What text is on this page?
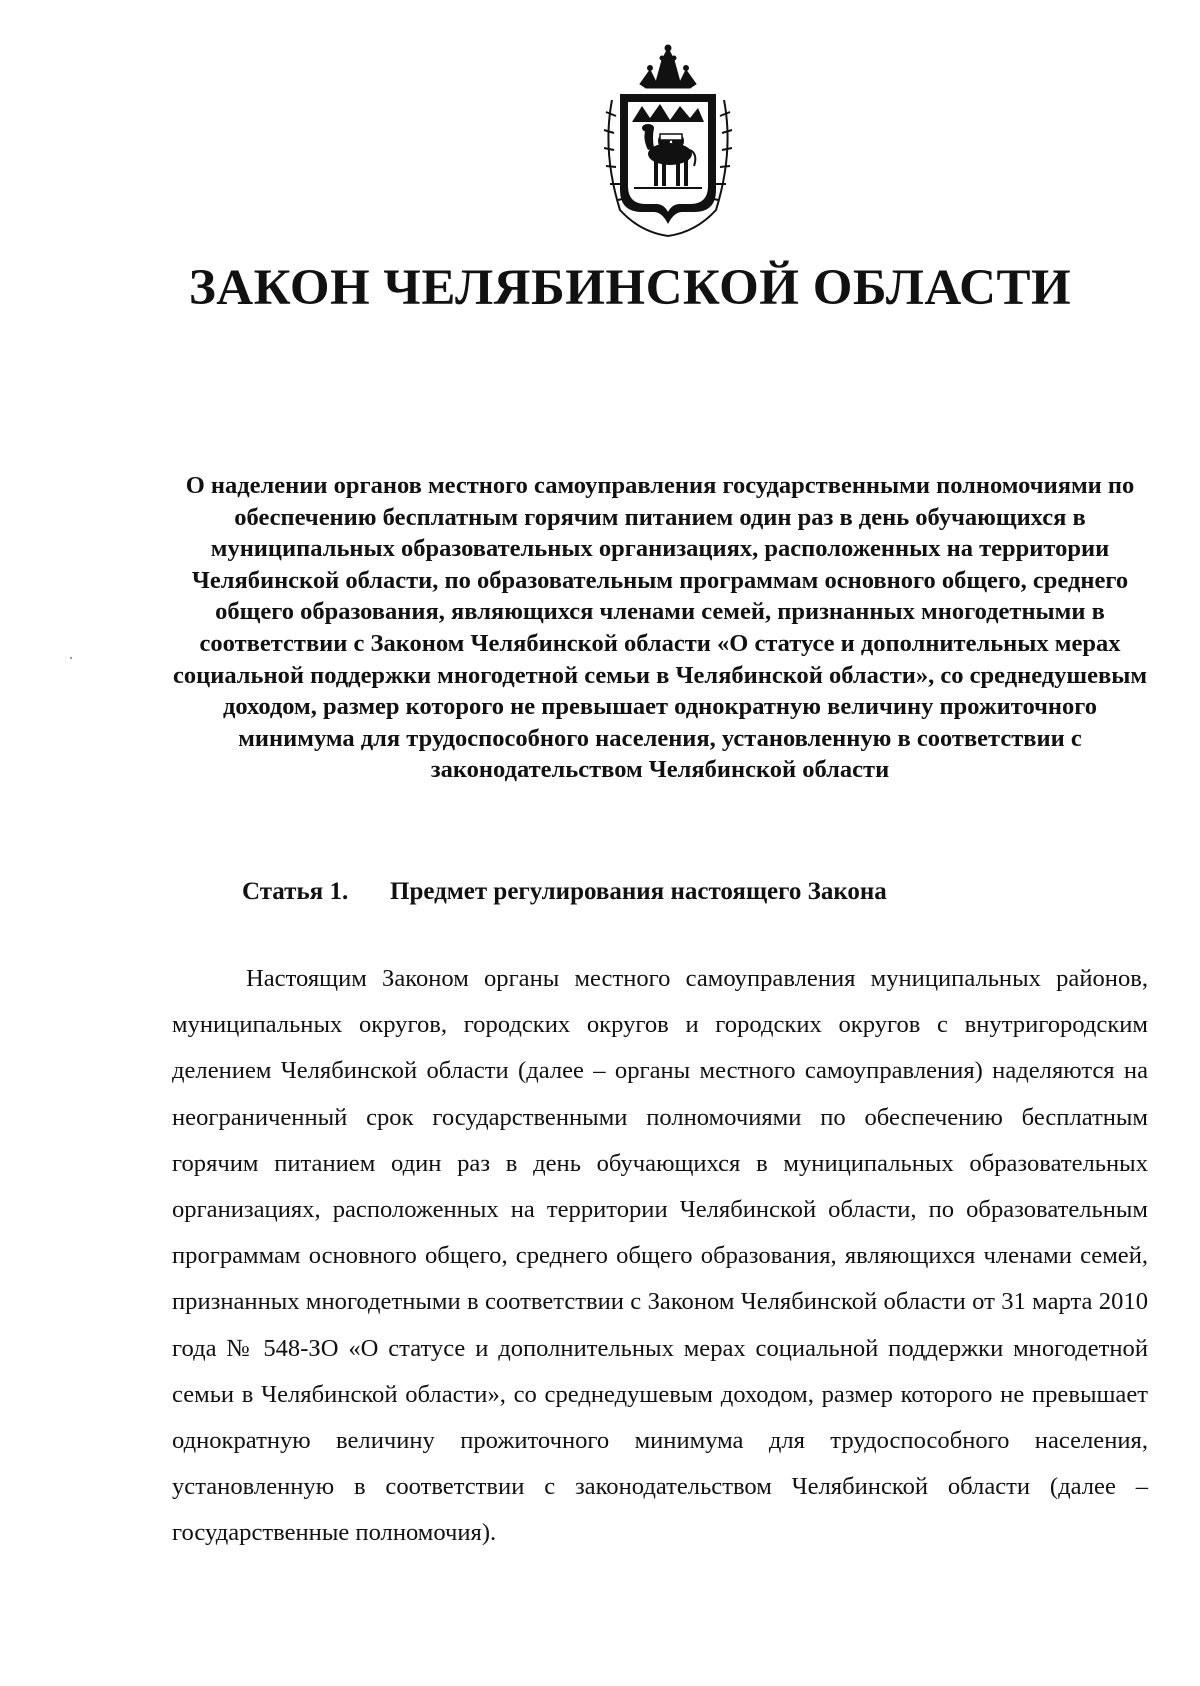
ЗАКОН ЧЕЛЯБИНСКОЙ ОБЛАСТИ

О наделении органов местного самоуправления государственными полномочиями по обеспечению бесплатным горячим питанием один раз в день обучающихся в муниципальных образовательных организациях, расположенных на территории Челябинской области, по образовательным программам основного общего, среднего общего образования, являющихся членами семей, признанных многодетными в соответствии с Законом Челябинской области «О статусе и дополнительных мерах социальной поддержки многодетной семьи в Челябинской области», со среднедушевым доходом, размер которого не превышает однократную величину прожиточного минимума для трудоспособного населения, установленную в соответствии с законодательством Челябинской области

Статья 1. Предмет регулирования настоящего Закона

Настоящим Законом органы местного самоуправления муниципальных районов, муниципальных округов, городских округов и городских округов с внутригородским делением Челябинской области (далее – органы местного самоуправления) наделяются на неограниченный срок государственными полномочиями по обеспечению бесплатным горячим питанием один раз в день обучающихся в муниципальных образовательных организациях, расположенных на территории Челябинской области, по образовательным программам основного общего, среднего общего образования, являющихся членами семей, признанных многодетными в соответствии с Законом Челябинской области от 31 марта 2010 года № 548-ЗО «О статусе и дополнительных мерах социальной поддержки многодетной семьи в Челябинской области», со среднедушевым доходом, размер которого не превышает однократную величину прожиточного минимума для трудоспособного населения, установленную в соответствии с законодательством Челябинской области (далее – государственные полномочия).
